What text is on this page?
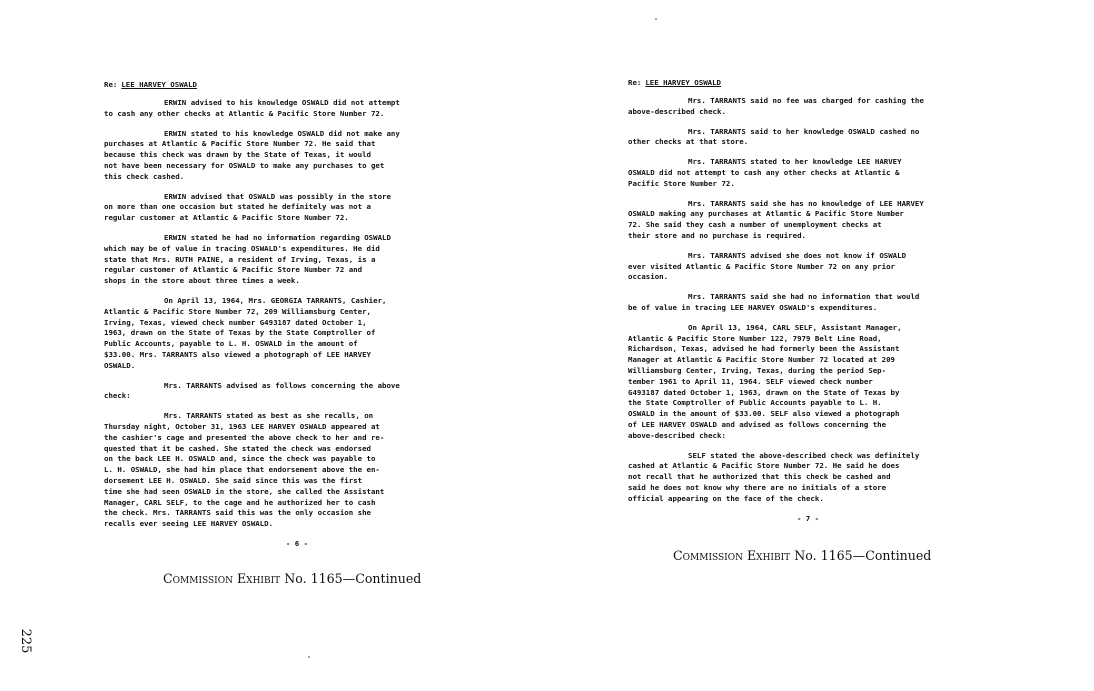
Re: LEE HARVEY OSWALD

ERWIN advised to his knowledge OSWALD did not attempt
to cash any other checks at Atlantic & Pacific Store Number 72.

ERWIN stated to his knowledge OSWALD did not make any
purchases at Atlantic & Pacific Store Number 72. He said that
because this check was drawn by the State of Texas, it would
not have been necessary for OSWALD to make any purchases to get
this check cashed.

ERWIN advised that OSWALD was possibly in the store
on more than one occasion but stated he definitely was not a
regular customer at Atlantic & Pacific Store Number 72.

ERWIN stated he had no information regarding OSWALD
which may be of value in tracing OSWALD's expenditures. He did
state that Mrs. RUTH PAINE, a resident of Irving, Texas, is a
regular customer of Atlantic & Pacific Store Number 72 and
shops in the store about three times a week.

On April 13, 1964, Mrs. GEORGIA TARRANTS, Cashier,
Atlantic & Pacific Store Number 72, 209 Williamsburg Center,
Irving, Texas, viewed check number G493187 dated October 1,
1963, drawn on the State of Texas by the State Comptroller of
Public Accounts, payable to L. H. OSWALD in the amount of
$33.00. Mrs. TARRANTS also viewed a photograph of LEE HARVEY
OSWALD.

Mrs. TARRANTS advised as follows concerning the above
check:

Mrs. TARRANTS stated as best as she recalls, on
Thursday night, October 31, 1963 LEE HARVEY OSWALD appeared at
the cashier's cage and presented the above check to her and re-
quested that it be cashed. She stated the check was endorsed
on the back LEE H. OSWALD and, since the check was payable to
L. H. OSWALD, she had him place that endorsement above the en-
dorsement LEE H. OSWALD. She said since this was the first
time she had seen OSWALD in the store, she called the Assistant
Manager, CARL SELF, to the cage and he authorized her to cash
the check. Mrs. TARRANTS said this was the only occasion she
recalls ever seeing LEE HARVEY OSWALD.

- 6 -
Commission Exhibit No. 1165—Continued
Re: LEE HARVEY OSWALD

Mrs. TARRANTS said no fee was charged for cashing the
above-described check.

Mrs. TARRANTS said to her knowledge OSWALD cashed no
other checks at that store.

Mrs. TARRANTS stated to her knowledge LEE HARVEY
OSWALD did not attempt to cash any other checks at Atlantic &
Pacific Store Number 72.

Mrs. TARRANTS said she has no knowledge of LEE HARVEY
OSWALD making any purchases at Atlantic & Pacific Store Number
72. She said they cash a number of unemployment checks at
their store and no purchase is required.

Mrs. TARRANTS advised she does not know if OSWALD
ever visited Atlantic & Pacific Store Number 72 on any prior
occasion.

Mrs. TARRANTS said she had no information that would
be of value in tracing LEE HARVEY OSWALD's expenditures.

On April 13, 1964, CARL SELF, Assistant Manager,
Atlantic & Pacific Store Number 122, 7979 Belt Line Road,
Richardson, Texas, advised he had formerly been the Assistant
Manager at Atlantic & Pacific Store Number 72 located at 209
Williamsburg Center, Irving, Texas, during the period Sep-
tember 1961 to April 11, 1964. SELF viewed check number
G493187 dated October 1, 1963, drawn on the State of Texas by
the State Comptroller of Public Accounts payable to L. H.
OSWALD in the amount of $33.00. SELF also viewed a photograph
of LEE HARVEY OSWALD and advised as follows concerning the
above-described check:

SELF stated the above-described check was definitely
cashed at Atlantic & Pacific Store Number 72. He said he does
not recall that he authorized that this check be cashed and
said he does not know why there are no initials of a store
official appearing on the face of the check.

- 7 -
Commission Exhibit No. 1165—Continued
225
